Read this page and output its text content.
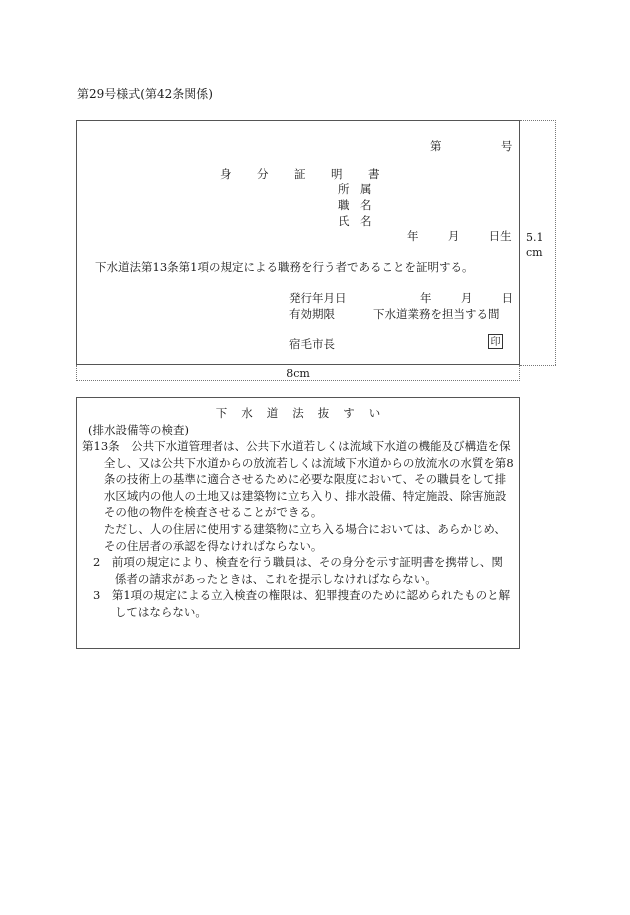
第29号様式(第42条関係)
5.1 cm
第	号
身 分 証 明 書
所 属
職 名
氏 名
年	月	日生
下水道法第13条第1項の規定による職務を行う者であることを証明する。
発行年月日	年	月	日
有効期限	下水道業務を担当する間
宿毛市長	印
8cm
下 水 道 法 抜 す い
(排水設備等の検査)
第13条　公共下水道管理者は、公共下水道若しくは流域下水道の機能及び構造を保全し、又は公共下水道からの放流若しくは流域下水道からの放流水の水質を第8条の技術上の基準に適合させるために必要な限度において、その職員をして排水区域内の他人の土地又は建築物に立ち入り、排水設備、特定施設、除害施設その他の物件を検査させることができる。
ただし、人の住居に使用する建築物に立ち入る場合においては、あらかじめ、その住居者の承認を得なければならない。
2　前項の規定により、検査を行う職員は、その身分を示す証明書を携帯し、関係者の請求があったときは、これを提示しなければならない。
3　第1項の規定による立入検査の権限は、犯罪捜査のために認められたものと解してはならない。
